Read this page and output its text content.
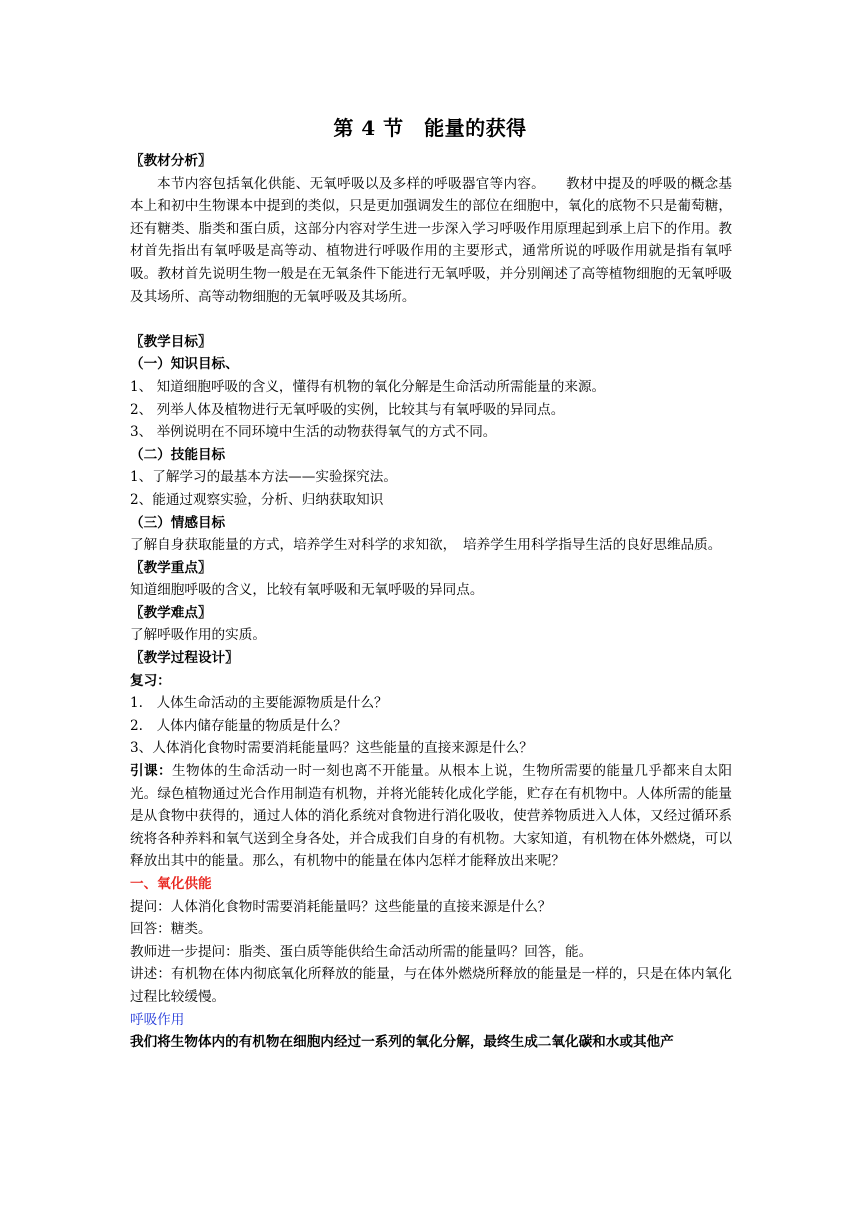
第 4 节　能量的获得

〖教材分析〗

本节内容包括氧化供能、无氧呼吸以及多样的呼吸器官等内容。　　教材中提及的呼吸的概念基本上和初中生物课本中提到的类似，只是更加强调发生的部位在细胞中，氧化的底物不只是葡萄糖，还有糖类、脂类和蛋白质，这部分内容对学生进一步深入学习呼吸作用原理起到承上启下的作用。教材首先指出有氧呼吸是高等动、植物进行呼吸作用的主要形式，通常所说的呼吸作用就是指有氧呼吸。教材首先说明生物一般是在无氧条件下能进行无氧呼吸，并分别阐述了高等植物细胞的无氧呼吸及其场所、高等动物细胞的无氧呼吸及其场所。

〖教学目标〗

（一）知识目标、

1、 知道细胞呼吸的含义，懂得有机物的氧化分解是生命活动所需能量的来源。

2、 列举人体及植物进行无氧呼吸的实例，比较其与有氧呼吸的异同点。

3、 举例说明在不同环境中生活的动物获得氧气的方式不同。

（二）技能目标

1、了解学习的最基本方法——实验探究法。

2、能通过观察实验，分析、归纳获取知识

（三）情感目标

了解自身获取能量的方式，培养学生对科学的求知欲，　培养学生用科学指导生活的良好思维品质。

〖教学重点〗

知道细胞呼吸的含义，比较有氧呼吸和无氧呼吸的异同点。

〖教学难点〗

了解呼吸作用的实质。

〖教学过程设计〗

复习：

1.　人体生命活动的主要能源物质是什么？

2.　人体内储存能量的物质是什么？

3、人体消化食物时需要消耗能量吗？这些能量的直接来源是什么？

引课：生物体的生命活动一时一刻也离不开能量。从根本上说，生物所需要的能量几乎都来自太阳光。绿色植物通过光合作用制造有机物，并将光能转化成化学能，贮存在有机物中。人体所需的能量是从食物中获得的，通过人体的消化系统对食物进行消化吸收，使营养物质进入人体，又经过循环系统将各种养料和氧气送到全身各处，并合成我们自身的有机物。大家知道，有机物在体外燃烧，可以释放出其中的能量。那么，有机物中的能量在体内怎样才能释放出来呢？

一、氧化供能

提问：人体消化食物时需要消耗能量吗？这些能量的直接来源是什么？

回答：糖类。

教师进一步提问：脂类、蛋白质等能供给生命活动所需的能量吗？回答，能。

讲述：有机物在体内彻底氧化所释放的能量，与在体外燃烧所释放的能量是一样的，只是在体内氧化过程比较缓慢。

呼吸作用

我们将生物体内的有机物在细胞内经过一系列的氧化分解，最终生成二氧化碳和水或其他产
